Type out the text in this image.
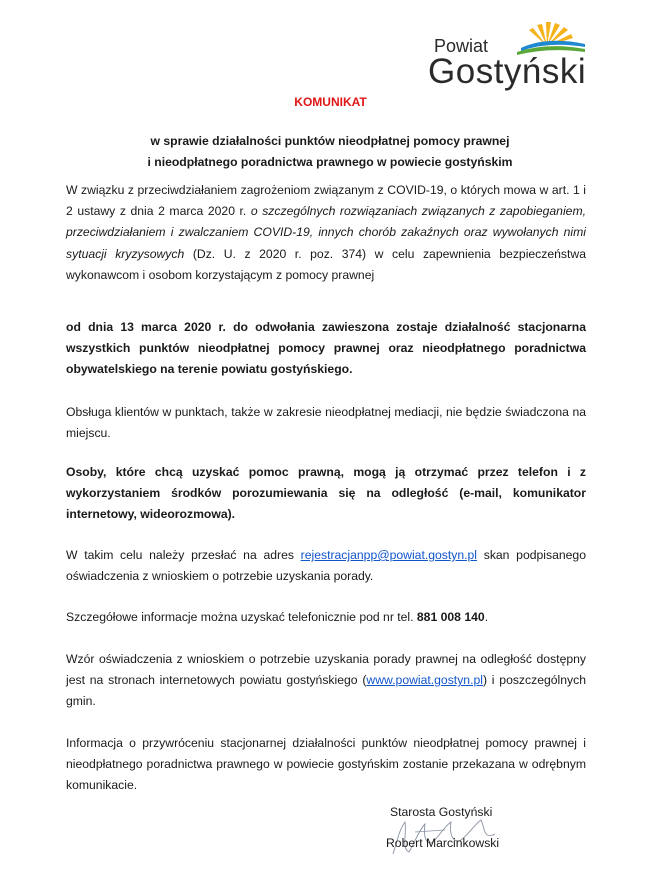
Powiat
Gostyński
KOMUNIKAT
w sprawie działalności punktów nieodpłatnej pomocy prawnej
i nieodpłatnego poradnictwa prawnego w powiecie gostyńskim
W związku z przeciwdziałaniem zagrożeniom związanym z COVID-19, o których mowa w art. 1 i 2 ustawy z dnia 2 marca 2020 r. o szczególnych rozwiązaniach związanych z zapobieganiem, przeciwdziałaniem i zwalczaniem COVID-19, innych chorób zakaźnych oraz wywołanych nimi sytuacji kryzysowych (Dz. U. z 2020 r. poz. 374) w celu zapewnienia bezpieczeństwa wykonawcom i osobom korzystającym z pomocy prawnej
od dnia 13 marca 2020 r. do odwołania zawieszona zostaje działalność stacjonarna wszystkich punktów nieodpłatnej pomocy prawnej oraz nieodpłatnego poradnictwa obywatelskiego na terenie powiatu gostyńskiego.
Obsługa klientów w punktach, także w zakresie nieodpłatnej mediacji, nie będzie świadczona na miejscu.
Osoby, które chcą uzyskać pomoc prawną, mogą ją otrzymać przez telefon i z wykorzystaniem środków porozumiewania się na odległość (e-mail, komunikator internetowy, wideorozmowa).
W takim celu należy przesłać na adres rejestracjanpp@powiat.gostyn.pl skan podpisanego oświadczenia z wnioskiem o potrzebie uzyskania porady.
Szczegółowe informacje można uzyskać telefonicznie pod nr tel. 881 008 140.
Wzór oświadczenia z wnioskiem o potrzebie uzyskania porady prawnej na odległość dostępny jest na stronach internetowych powiatu gostyńskiego (www.powiat.gostyn.pl) i poszczególnych gmin.
Informacja o przywróceniu stacjonarnej działalności punktów nieodpłatnej pomocy prawnej i nieodpłatnego poradnictwa prawnego w powiecie gostyńskim zostanie przekazana w odrębnym komunikacie.
Starosta Gostyński
Robert Marcinkowski
